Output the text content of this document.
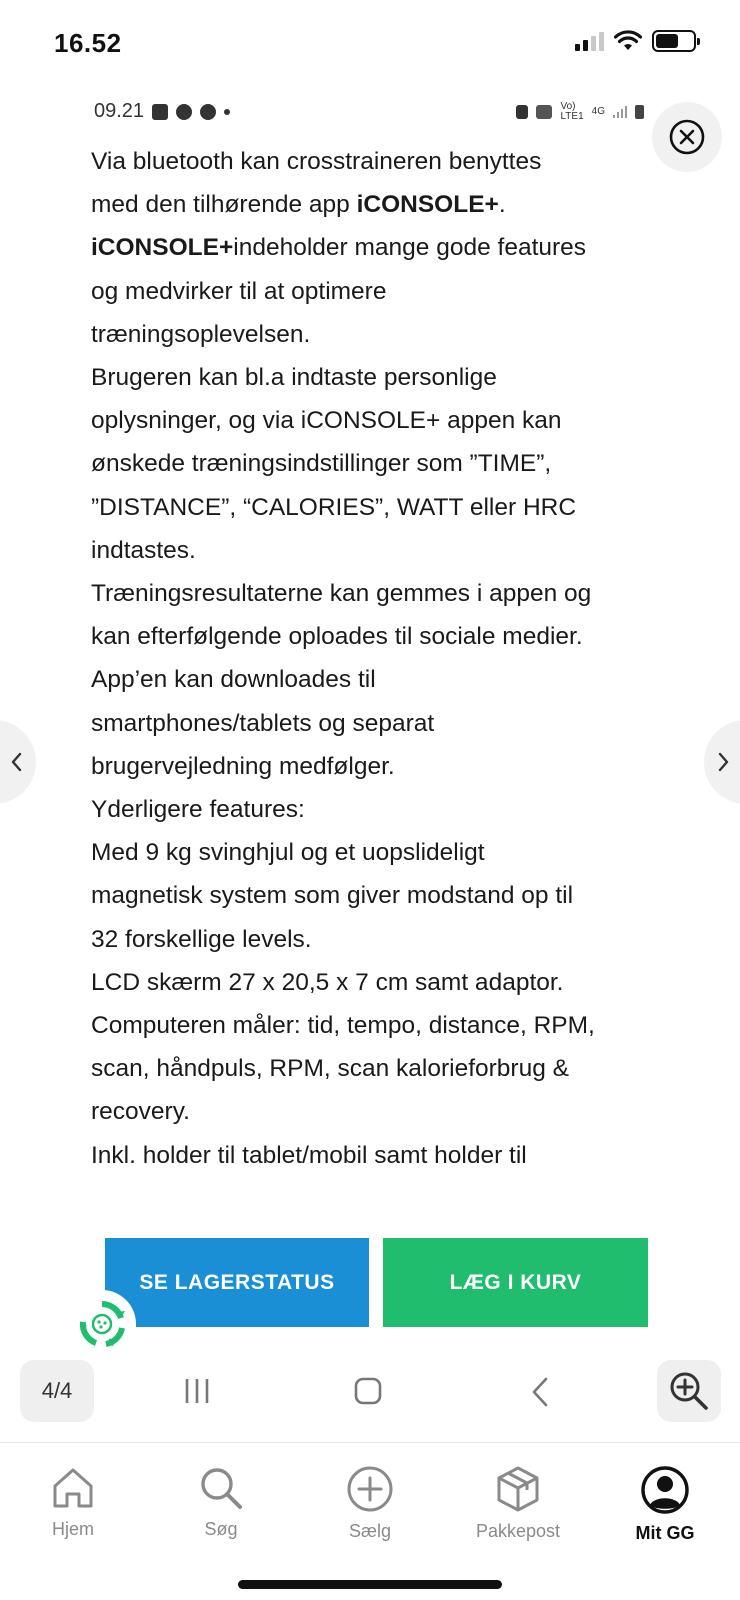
16.52
09.21	Vo)
LTE1 4G

Via bluetooth kan crosstraineren benyttes

med den tilhørende app iCONSOLE+.

iCONSOLE+indeholder mange gode features

og medvirker til at optimere

træningsoplevelsen.

Brugeren kan bl.a indtaste personlige

oplysninger, og via iCONSOLE+ appen kan

ønskede træningsindstillinger som ”TIME”,

”DISTANCE”, “CALORIES”, WATT eller HRC

indtastes.

Træningsresultaterne kan gemmes i appen og

kan efterfølgende oploades til sociale medier.

App’en kan downloades til

smartphones/tablets og separat

brugervejledning medfølger.

Yderligere features:

Med 9 kg svinghjul og et uopslideligt

magnetisk system som giver modstand op til

32 forskellige levels.

LCD skærm 27 x 20,5 x 7 cm samt adaptor.

Computeren måler: tid, tempo, distance, RPM,

scan, håndpuls, RPM, scan kalorieforbrug &

recovery.

Inkl. holder til tablet/mobil samt holder til

SE LAGERSTATUS	LÆG I KURV
4/4
Hjem	Søg	Sælg	Pakkepost	Mit GG
